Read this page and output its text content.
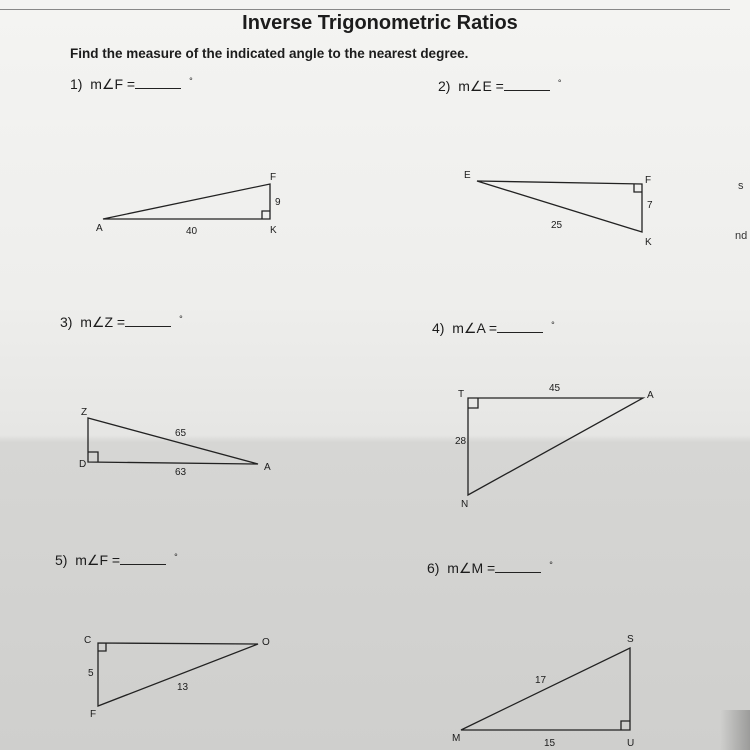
Inverse Trigonometric Ratios
Find the measure of the indicated angle to the nearest degree.
1) m∠F =	°	2) m∠E =	°
3) m∠Z =	°
4) m∠A =	°
5) m∠F =	°
6) m∠M =	°
A
F
K
40
9
E	F
K
25
7
Z
D	A
65
63
T	A
N
45
28
C	O
F
5
13
S
M	U
17
15
s
nd
